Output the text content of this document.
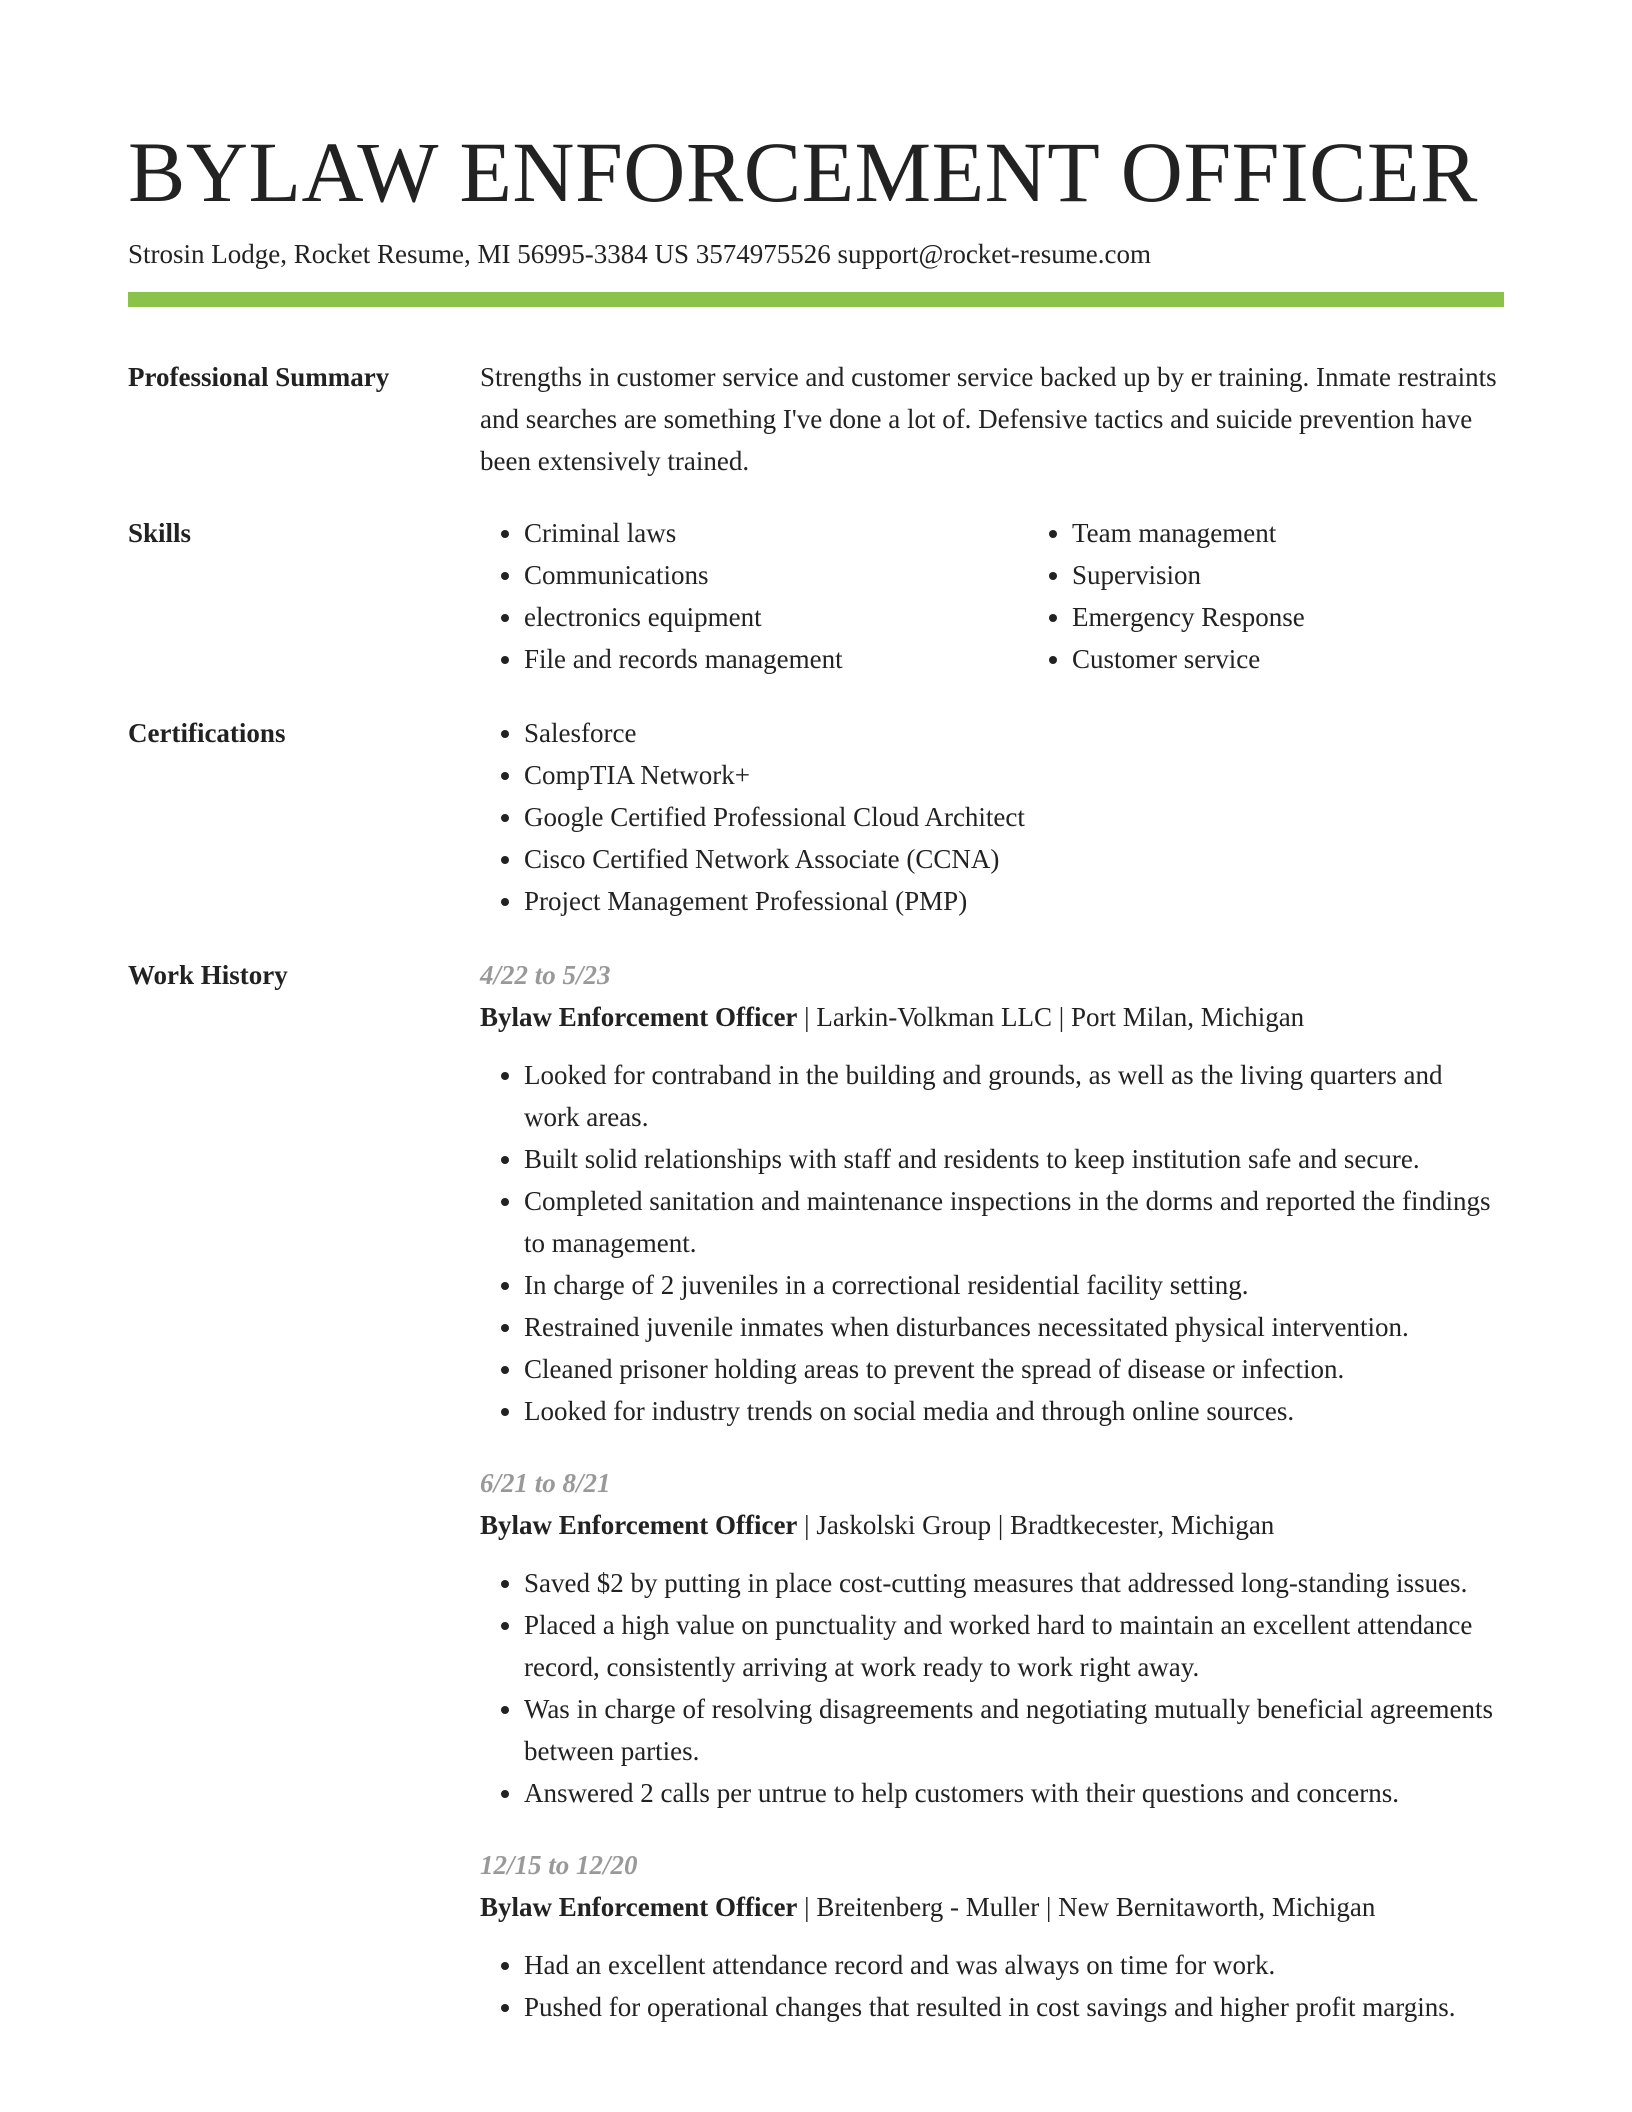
BYLAW ENFORCEMENT OFFICER
Strosin Lodge, Rocket Resume, MI 56995-3384 US 3574975526 support@rocket-resume.com
Professional Summary	Strengths in customer service and customer service backed up by er training. Inmate restraints and searches are something I've done a lot of. Defensive tactics and suicide prevention have been extensively trained.

Skills	• Criminal laws
• Communications
• electronics equipment
• File and records management
• Team management
• Supervision
• Emergency Response
• Customer service
Certifications	• Salesforce
• CompTIA Network+
• Google Certified Professional Cloud Architect
• Cisco Certified Network Associate (CCNA)
• Project Management Professional (PMP)
Work History	4/22 to 5/23
Bylaw Enforcement Officer | Larkin-Volkman LLC | Port Milan, Michigan
• Looked for contraband in the building and grounds, as well as the living quarters and work areas.
• Built solid relationships with staff and residents to keep institution safe and secure.
• Completed sanitation and maintenance inspections in the dorms and reported the findings to management.
• In charge of 2 juveniles in a correctional residential facility setting.
• Restrained juvenile inmates when disturbances necessitated physical intervention.
• Cleaned prisoner holding areas to prevent the spread of disease or infection.
• Looked for industry trends on social media and through online sources.
6/21 to 8/21
Bylaw Enforcement Officer | Jaskolski Group | Bradtkecester, Michigan
• Saved $2 by putting in place cost-cutting measures that addressed long-standing issues.
• Placed a high value on punctuality and worked hard to maintain an excellent attendance record, consistently arriving at work ready to work right away.
• Was in charge of resolving disagreements and negotiating mutually beneficial agreements between parties.
• Answered 2 calls per untrue to help customers with their questions and concerns.
12/15 to 12/20
Bylaw Enforcement Officer | Breitenberg - Muller | New Bernitaworth, Michigan
• Had an excellent attendance record and was always on time for work.
• Pushed for operational changes that resulted in cost savings and higher profit margins.
